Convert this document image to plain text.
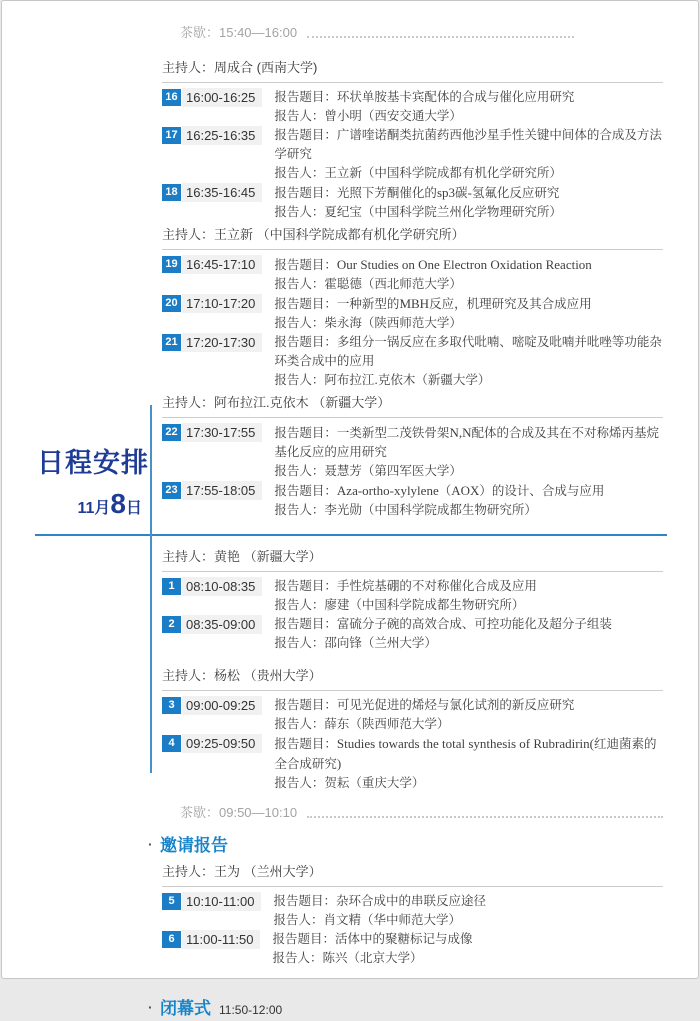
日程安排
11月8日
茶歇：15:40—16:00
主持人：周成合 (西南大学)
16 16:00-16:25	报告题目：环状单胺基卡宾配体的合成与催化应用研究
报告人：曾小明（西安交通大学）
17 16:25-16:35	报告题目：广谱喹诺酮类抗菌药西他沙星手性关键中间体的合成及方法学研究
报告人：王立新（中国科学院成都有机化学研究所）
18 16:35-16:45	报告题目：光照下芳酮催化的sp3碳-氢氟化反应研究
报告人：夏纪宝（中国科学院兰州化学物理研究所）
主持人：王立新 （中国科学院成都有机化学研究所）
19 16:45-17:10	报告题目：Our Studies on One Electron Oxidation Reaction
报告人：霍聪德（西北师范大学）
20 17:10-17:20	报告题目：一种新型的MBH反应，机理研究及其合成应用
报告人：柴永海（陕西师范大学）
21 17:20-17:30	报告题目：多组分一锅反应在多取代吡喃、嘧啶及吡喃并吡唑等功能杂环类合成中的应用
报告人：阿布拉江.克依木（新疆大学）
主持人：阿布拉江.克依木 （新疆大学）
22 17:30-17:55	报告题目：一类新型二茂铁骨架N,N配体的合成及其在不对称烯丙基烷基化反应的应用研究
报告人：聂慧芳（第四军医大学）
23 17:55-18:05	报告题目：Aza-ortho-xylylene（AOX）的设计、合成与应用
报告人：李光勋（中国科学院成都生物研究所）
主持人：黄艳 （新疆大学）
1 08:10-08:35	报告题目：手性烷基硼的不对称催化合成及应用
报告人：廖建（中国科学院成都生物研究所）
2 08:35-09:00	报告题目：富硫分子碗的高效合成、可控功能化及超分子组装
报告人：邵向锋（兰州大学）
主持人：杨松 （贵州大学）
3 09:00-09:25	报告题目：可见光促进的烯烃与氯化试剂的新反应研究
报告人：薛东（陕西师范大学）
4 09:25-09:50	报告题目：Studies towards the total synthesis of Rubradirin(红迪菌素的全合成研究)
报告人：贺耘（重庆大学）
茶歇：09:50—10:10
· 邀请报告
主持人：王为 （兰州大学）
5 10:10-11:00	报告题目：杂环合成中的串联反应途径
报告人：肖文精（华中师范大学）
6 11:00-11:50	报告题目：活体中的聚糖标记与成像
报告人：陈兴（北京大学）
· 闭幕式 11:50-12:00
